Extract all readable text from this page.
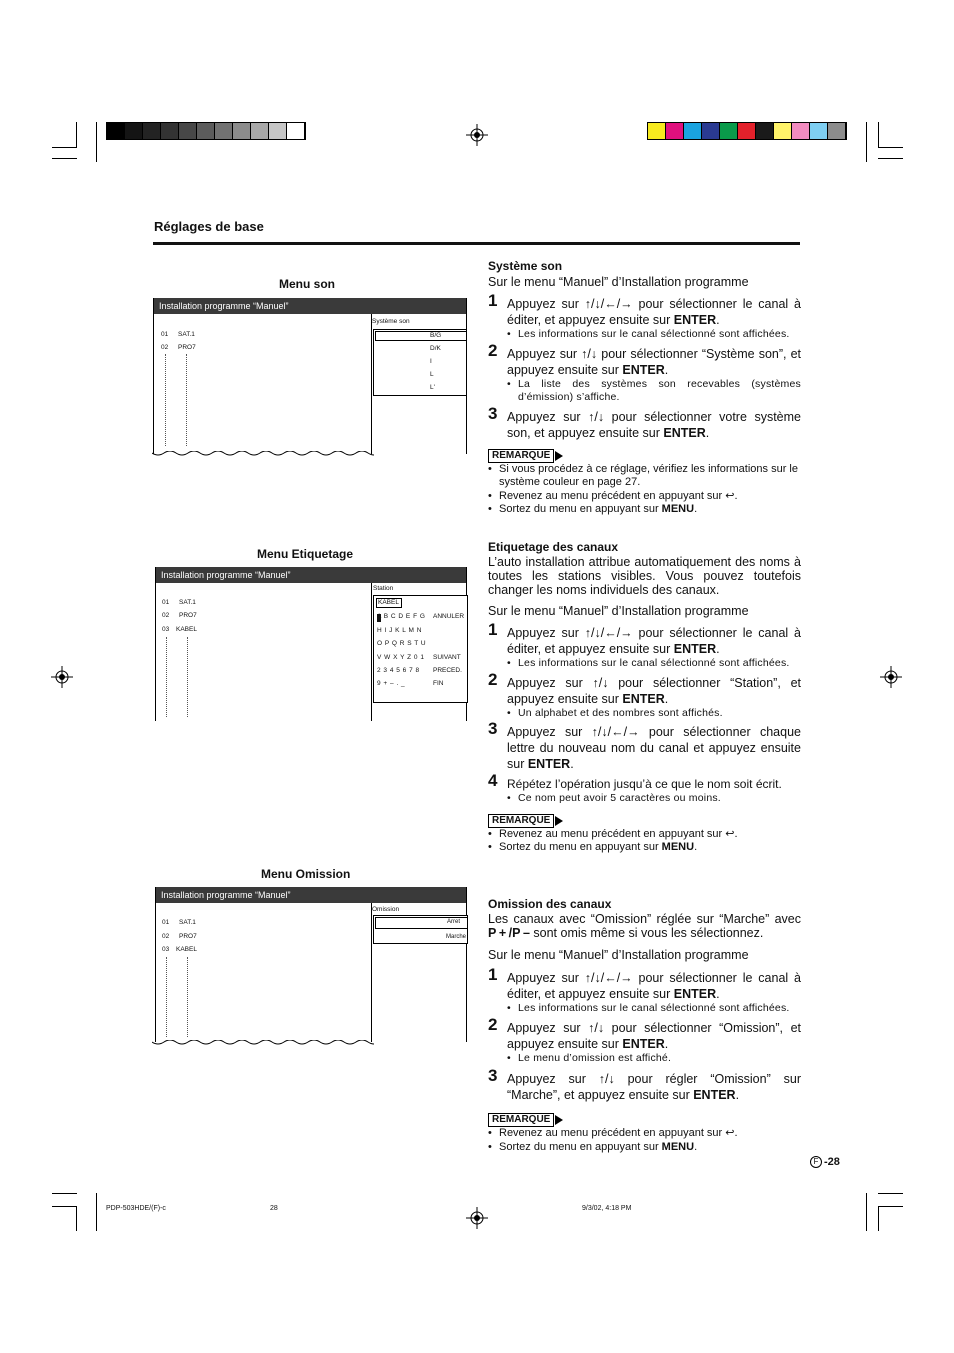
Réglages de base
Menu son
Installation programme “Manuel”
01 SAT.1
02 PRO7
Système son
B/G
D/K
I
L
L'
Menu Etiquetage
Installation programme “Manuel”
01 SAT.1
02 PRO7
03 KABEL
Station
KABEL
A B C D E F G ANNULER
H I J K L M N
O P Q R S T U
V W X Y Z 0 1 SUIVANT
2 3 4 5 6 7 8 PRECED.
9 + – . _	FIN
Menu Omission
Installation programme “Manuel”
01 SAT.1
02 PRO7
03 KABEL
Omission
Arret
Marche
Système son
Sur le menu “Manuel” d’Installation programme
1 Appuyez sur ↑/↓/←/→ pour sélectionner le canal à éditer, et appuyez ensuite sur ENTER.
• Les informations sur le canal sélectionné sont affichées.
2 Appuyez sur ↑/↓ pour sélectionner “Système son”, et appuyez ensuite sur ENTER.
• La liste des systèmes son recevables (systèmes d’émission) s’affiche.
3 Appuyez sur ↑/↓ pour sélectionner votre système son, et appuyez ensuite sur ENTER.
REMARQUE
• Si vous procédez à ce réglage, vérifiez les informations sur le système couleur en page 27.
• Revenez au menu précédent en appuyant sur ↩.
• Sortez du menu en appuyant sur MENU.
Etiquetage des canaux
L’auto installation attribue automatiquement des noms à toutes les stations visibles. Vous pouvez toutefois changer les noms individuels des canaux.
Sur le menu “Manuel” d’Installation programme
1 Appuyez sur ↑/↓/←/→ pour sélectionner le canal à éditer, et appuyez ensuite sur ENTER.
• Les informations sur le canal sélectionné sont affichées.
2 Appuyez sur ↑/↓ pour sélectionner “Station”, et appuyez ensuite sur ENTER.
• Un alphabet et des nombres sont affichés.
3 Appuyez sur ↑/↓/←/→ pour sélectionner chaque lettre du nouveau nom du canal et appuyez ensuite sur ENTER.
4 Répétez l’opération jusqu’à ce que le nom soit écrit.
• Ce nom peut avoir 5 caractères ou moins.
REMARQUE
• Revenez au menu précédent en appuyant sur ↩.
• Sortez du menu en appuyant sur MENU.
Omission des canaux
Les canaux avec “Omission” réglée sur “Marche” avec P + /P – sont omis même si vous les sélectionnez.
Sur le menu “Manuel” d’Installation programme
1 Appuyez sur ↑/↓/←/→ pour sélectionner le canal à éditer, et appuyez ensuite sur ENTER.
• Les informations sur le canal sélectionné sont affichées.
2 Appuyez sur ↑/↓ pour sélectionner “Omission”, et appuyez ensuite sur ENTER.
• Le menu d’omission est affiché.
3 Appuyez sur ↑/↓ pour régler “Omission” sur “Marche”, et appuyez ensuite sur ENTER.
REMARQUE
• Revenez au menu précédent en appuyant sur ↩.
• Sortez du menu en appuyant sur MENU.
F -28
PDP-503HDE/(F)-c	28	9/3/02, 4:18 PM
